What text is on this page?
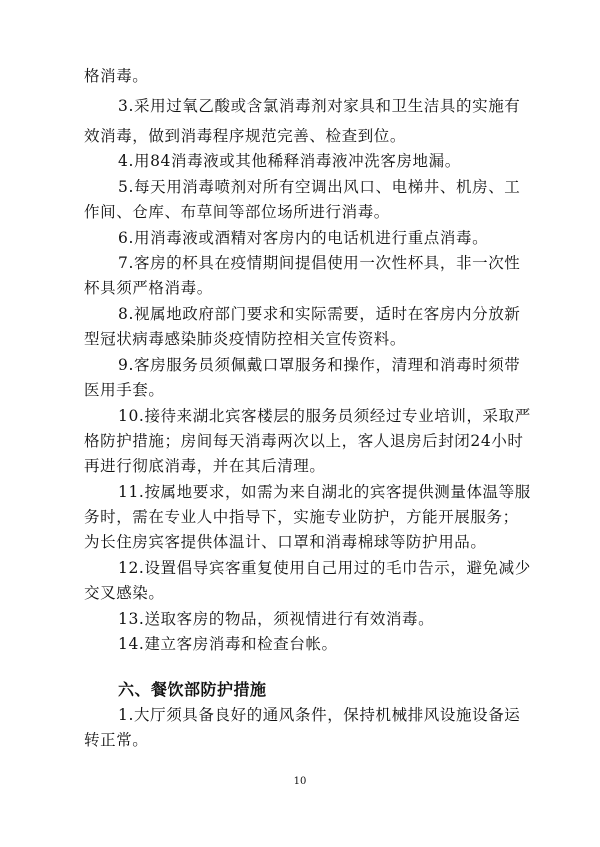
格消毒。
3.采用过氧乙酸或含氯消毒剂对家具和卫生洁具的实施有
效消毒，做到消毒程序规范完善、检查到位。
4.用84消毒液或其他稀释消毒液冲洗客房地漏。
5.每天用消毒喷剂对所有空调出风口、电梯井、机房、工
作间、仓库、布草间等部位场所进行消毒。
6.用消毒液或酒精对客房内的电话机进行重点消毒。
7.客房的杯具在疫情期间提倡使用一次性杯具，非一次性
杯具须严格消毒。
8.视属地政府部门要求和实际需要，适时在客房内分放新
型冠状病毒感染肺炎疫情防控相关宣传资料。
9.客房服务员须佩戴口罩服务和操作，清理和消毒时须带
医用手套。
10.接待来湖北宾客楼层的服务员须经过专业培训，采取严
格防护措施；房间每天消毒两次以上，客人退房后封闭24小时
再进行彻底消毒，并在其后清理。
11.按属地要求，如需为来自湖北的宾客提供测量体温等服
务时，需在专业人中指导下，实施专业防护，方能开展服务；
为长住房宾客提供体温计、口罩和消毒棉球等防护用品。
12.设置倡导宾客重复使用自己用过的毛巾告示，避免减少
交叉感染。
13.送取客房的物品，须视情进行有效消毒。
14.建立客房消毒和检查台帐。
六、餐饮部防护措施
1.大厅须具备良好的通风条件，保持机械排风设施设备运
转正常。
10
